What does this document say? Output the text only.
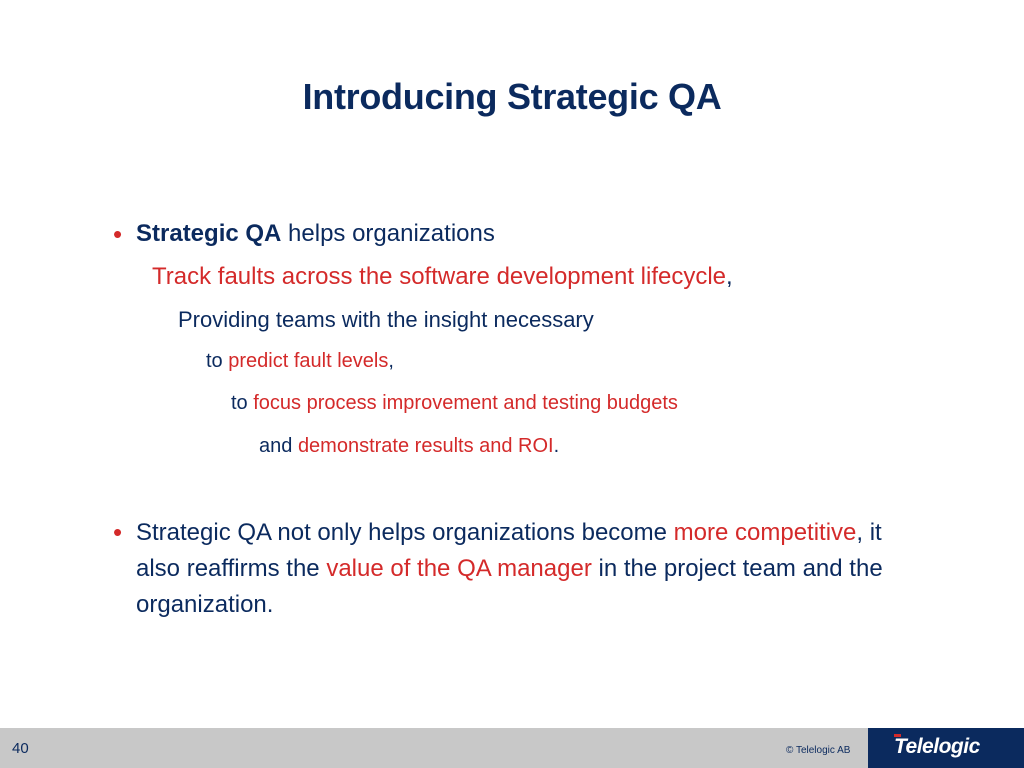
Introducing Strategic QA
• Strategic QA helps organizations
Track faults across the software development lifecycle,
Providing teams with the insight necessary
to predict fault levels,
to focus process improvement and testing budgets
and demonstrate results and ROI.
• Strategic QA not only helps organizations become more competitive, it also reaffirms the value of the QA manager in the project team and the organization.
40	© Telelogic AB Telelogic
